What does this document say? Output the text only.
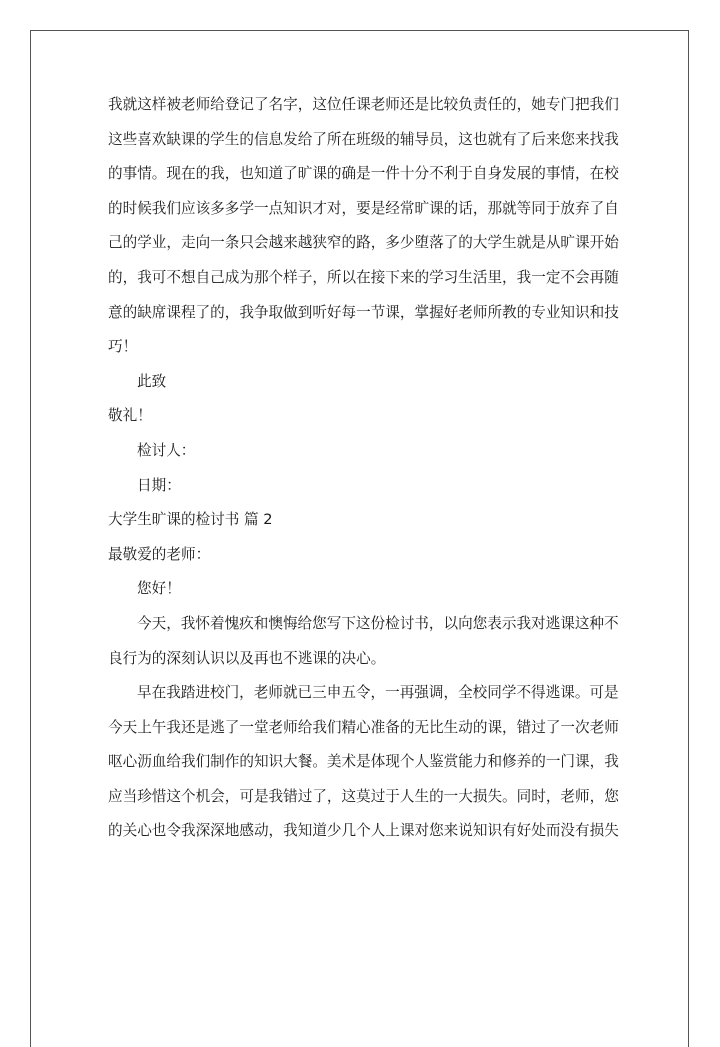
我就这样被老师给登记了名字，这位任课老师还是比较负责任的，她专门把我们
这些喜欢缺课的学生的信息发给了所在班级的辅导员，这也就有了后来您来找我
的事情。现在的我，也知道了旷课的确是一件十分不利于自身发展的事情，在校
的时候我们应该多多学一点知识才对，要是经常旷课的话，那就等同于放弃了自
己的学业，走向一条只会越来越狭窄的路，多少堕落了的大学生就是从旷课开始
的，我可不想自己成为那个样子，所以在接下来的学习生活里，我一定不会再随
意的缺席课程了的，我争取做到听好每一节课，掌握好老师所教的专业知识和技
巧！

此致

敬礼！

检讨人：

日期：

大学生旷课的检讨书 篇 2

最敬爱的老师：

您好！

今天，我怀着愧疚和懊悔给您写下这份检讨书，以向您表示我对逃课这种不
良行为的深刻认识以及再也不逃课的决心。

早在我踏进校门，老师就已三申五令，一再强调，全校同学不得逃课。可是
今天上午我还是逃了一堂老师给我们精心准备的无比生动的课，错过了一次老师
呕心沥血给我们制作的知识大餐。美术是体现个人鉴赏能力和修养的一门课，我
应当珍惜这个机会，可是我错过了，这莫过于人生的一大损失。同时，老师，您
的关心也令我深深地感动，我知道少几个人上课对您来说知识有好处而没有损失
